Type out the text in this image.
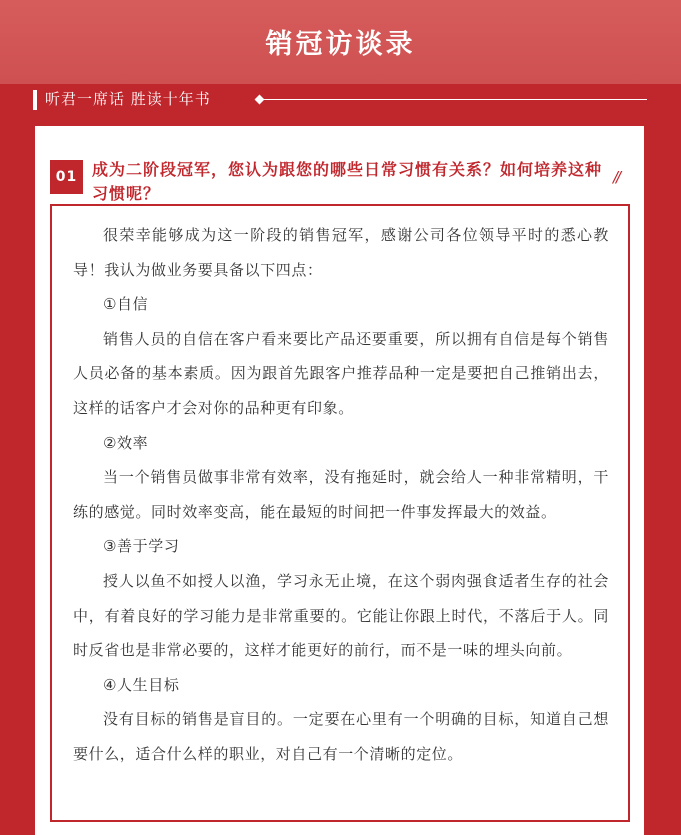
销冠访谈录
听君一席话 胜读十年书
01 成为二阶段冠军，您认为跟您的哪些日常习惯有关系？如何培养这种习惯呢？
//

很荣幸能够成为这一阶段的销售冠军，感谢公司各位领导平时的悉心教导！我认为做业务要具备以下四点：

①自信

销售人员的自信在客户看来要比产品还要重要，所以拥有自信是每个销售人员必备的基本素质。因为跟首先跟客户推荐品种一定是要把自己推销出去，这样的话客户才会对你的品种更有印象。

②效率

当一个销售员做事非常有效率，没有拖延时，就会给人一种非常精明，干练的感觉。同时效率变高，能在最短的时间把一件事发挥最大的效益。

③善于学习

授人以鱼不如授人以渔，学习永无止境，在这个弱肉强食适者生存的社会中，有着良好的学习能力是非常重要的。它能让你跟上时代，不落后于人。同时反省也是非常必要的，这样才能更好的前行，而不是一味的埋头向前。

④人生目标

没有目标的销售是盲目的。一定要在心里有一个明确的目标，知道自己想要什么，适合什么样的职业，对自己有一个清晰的定位。
